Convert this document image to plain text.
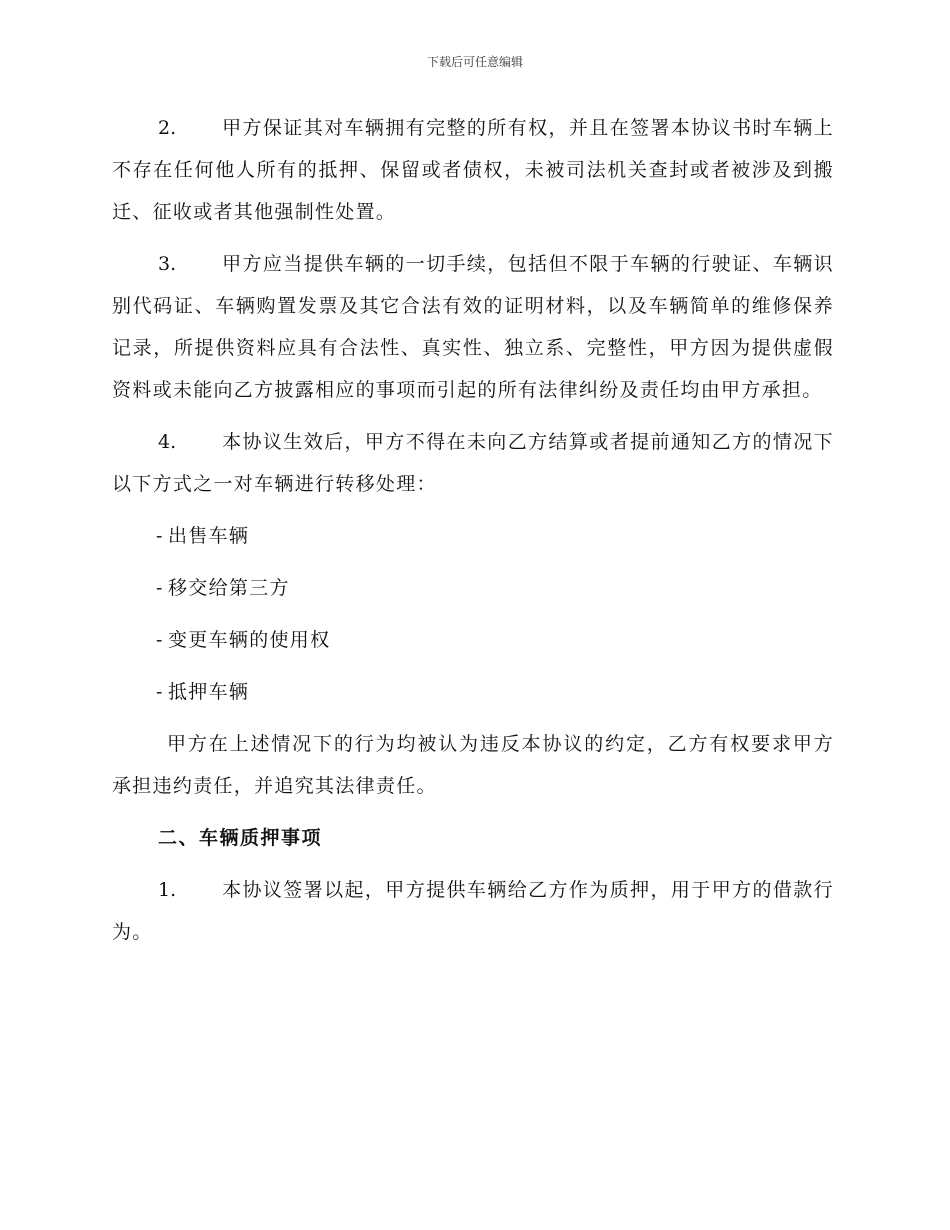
下载后可任意编辑

2. 甲方保证其对车辆拥有完整的所有权，并且在签署本协议书时车辆上不存在任何他人所有的抵押、保留或者债权，未被司法机关查封或者被涉及到搬迁、征收或者其他强制性处置。

3. 甲方应当提供车辆的一切手续，包括但不限于车辆的行驶证、车辆识别代码证、车辆购置发票及其它合法有效的证明材料，以及车辆简单的维修保养记录，所提供资料应具有合法性、真实性、独立系、完整性，甲方因为提供虚假资料或未能向乙方披露相应的事项而引起的所有法律纠纷及责任均由甲方承担。

4. 本协议生效后，甲方不得在未向乙方结算或者提前通知乙方的情况下以下方式之一对车辆进行转移处理：

- 出售车辆
- 移交给第三方
- 变更车辆的使用权
- 抵押车辆

甲方在上述情况下的行为均被认为违反本协议的约定，乙方有权要求甲方承担违约责任，并追究其法律责任。

二、车辆质押事项

1. 本协议签署以起，甲方提供车辆给乙方作为质押，用于甲方的借款行为。
